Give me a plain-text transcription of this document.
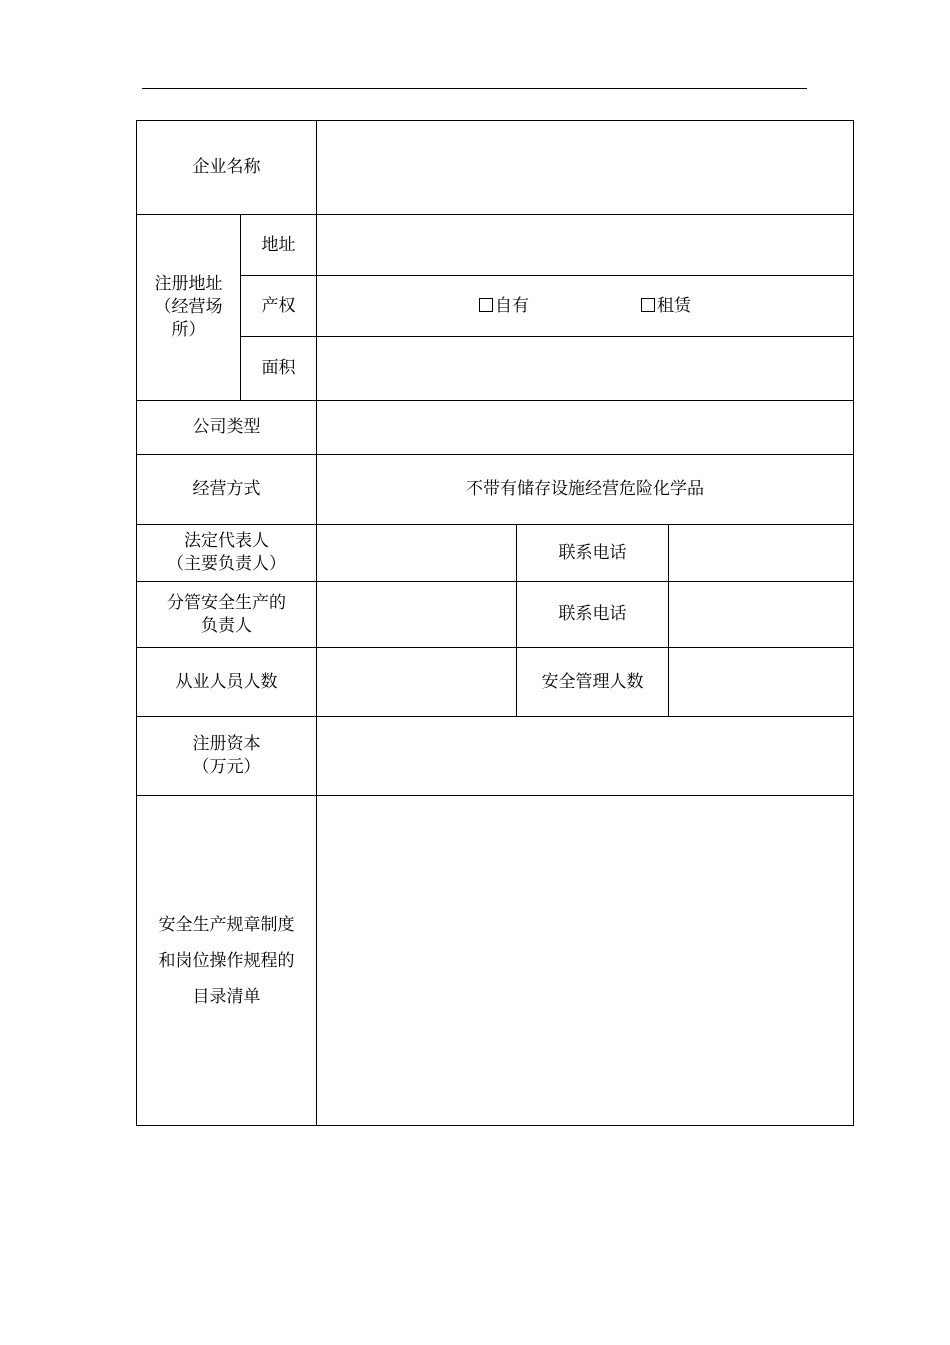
企业名称				

注册地址
（经营场
所）	地址			
	产权	自有 租赁		
	面积			
公司类型				
经营方式		不带有储存设施经营危险化学品		

法定代表人
（主要负责人）			联系电话	

分管安全生产的
负责人			联系电话	
从业人员人数			安全管理人数	

注册资本
（万元）				

安全生产规章制度
和岗位操作规程的
目录清单				
